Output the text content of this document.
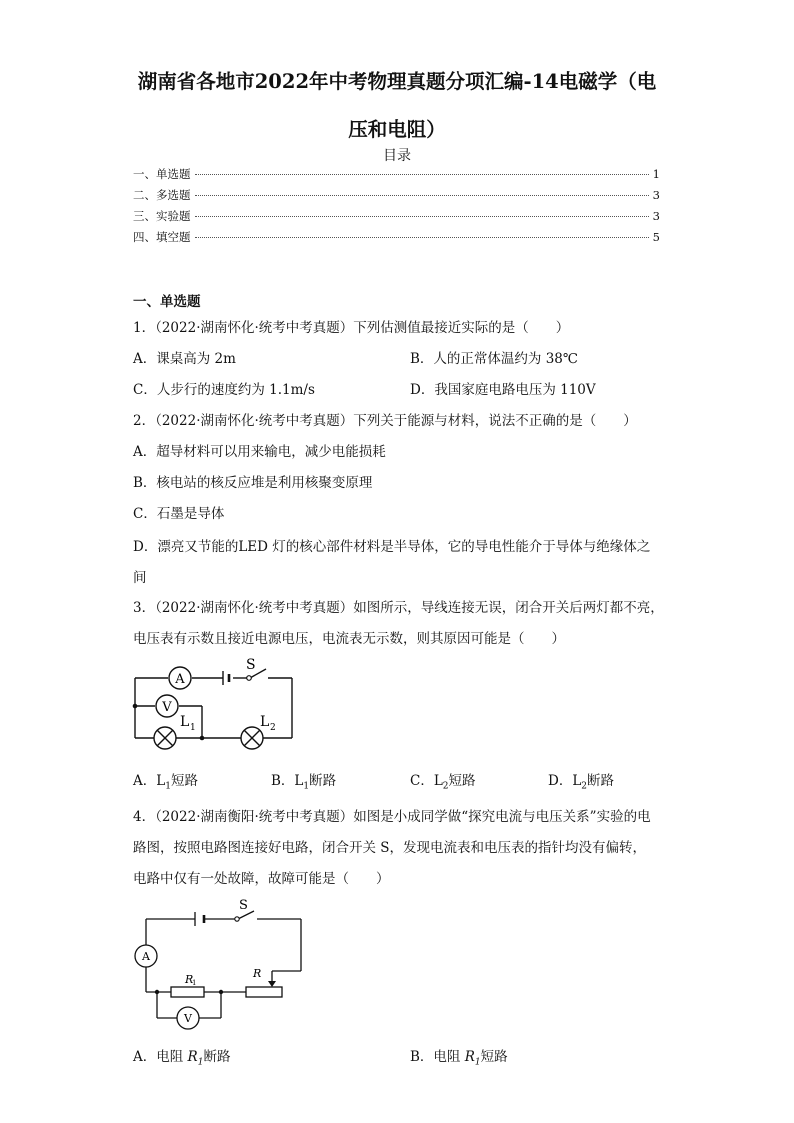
湖南省各地市2022年中考物理真题分项汇编-14电磁学（电
压和电阻）
目录
一、单选题	1
二、多选题	3
三、实验题	3
四、填空题	5
一、单选题
1．（2022·湖南怀化·统考中考真题）下列估测值最接近实际的是（　　）
A．课桌高为 2m	B．人的正常体温约为 38℃
C．人步行的速度约为 1.1m/s	D．我国家庭电路电压为 110V
2．（2022·湖南怀化·统考中考真题）下列关于能源与材料，说法不正确的是（　　）
A．超导材料可以用来输电，减少电能损耗
B．核电站的核反应堆是利用核聚变原理
C．石墨是导体
D．漂亮又节能的LED 灯的核心部件材料是半导体，它的导电性能介于导体与绝缘体之
间
3．（2022·湖南怀化·统考中考真题）如图所示，导线连接无误，闭合开关后两灯都不亮，
电压表有示数且接近电源电压，电流表无示数，则其原因可能是（　　）
A
V
S
L 1	L 2
A．$L_1$短路	B．$L_1$断路	C．$L_2$短路	D．$L_2$断路
4．（2022·湖南衡阳·统考中考真题）如图是小成同学做“探究电流与电压关系”实验的电
路图，按照电路图连接好电路，闭合开关 S，发现电流表和电压表的指针均没有偏转，
电路中仅有一处故障，故障可能是（　　）
S
A
V
R
1
R
A．电阻 $R_1$断路	B．电阻 $R_1$短路
